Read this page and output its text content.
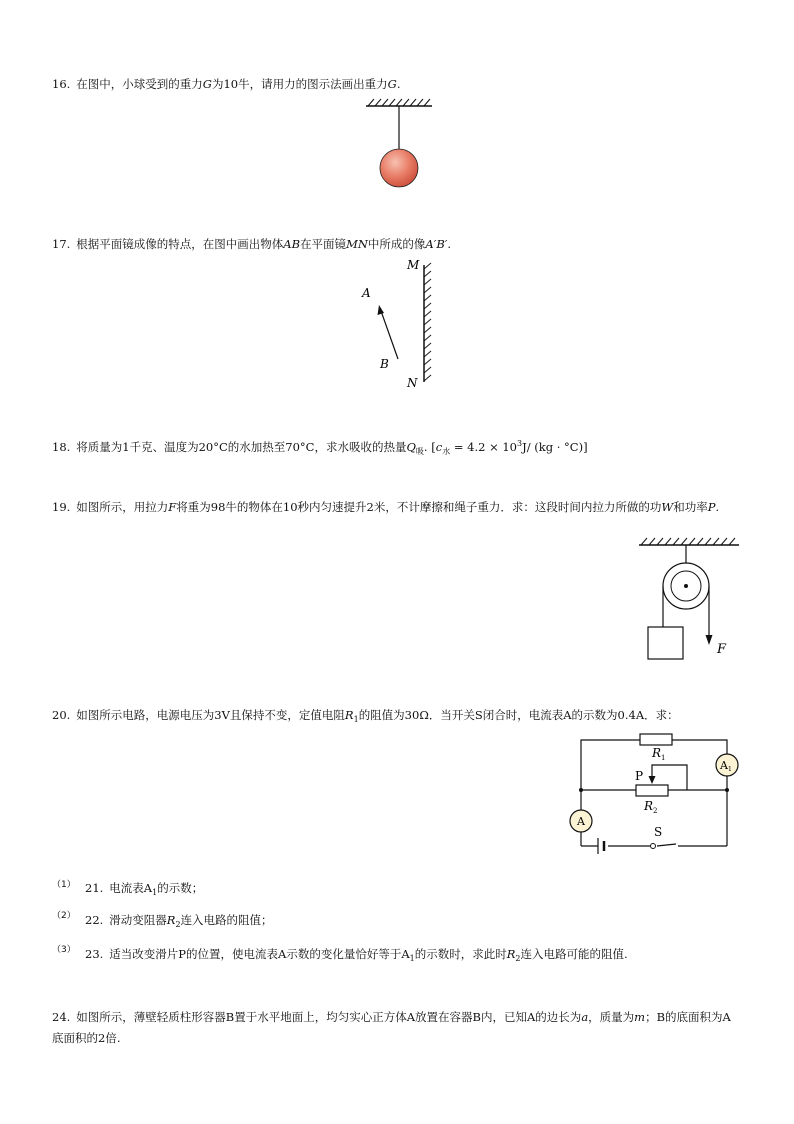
16. 在图中，小球受到的重力G为10牛，请用力的图示法画出重力G.
17. 根据平面镜成像的特点，在图中画出物体AB在平面镜MN中所成的像A′B′.
M
N
A
B
18. 将质量为1千克、温度为20°C的水加热至70°C，求水吸收的热量$Q_吸$. [$c_水 = 4.2 \times 10^3J/$ (kg · °C)]
19. 如图所示，用拉力F将重为98牛的物体在10秒内匀速提升2米，不计摩擦和绳子重力．求：这段时间内拉力所做的功W和功率P.
F
20. 如图所示电路，电源电压为3V且保持不变，定值电阻$R_1$的阻值为30Ω．当开关S闭合时，电流表A的示数为0.4A．求：
$R_1$
$R_2$
P
S
A1
A
（1） 21. 电流表$A_1$的示数；
（2） 22. 滑动变阻器$R_2$连入电路的阻值；
（3） 23. 适当改变滑片P的位置，使电流表A示数的变化量恰好等于$A_1$的示数时，求此时$R_2$连入电路可能的阻值.
24. 如图所示，薄壁轻质柱形容器B置于水平地面上，均匀实心正方体A放置在容器B内，已知A的边长为a，质量为m；B的底面积为A底面积的2倍.
